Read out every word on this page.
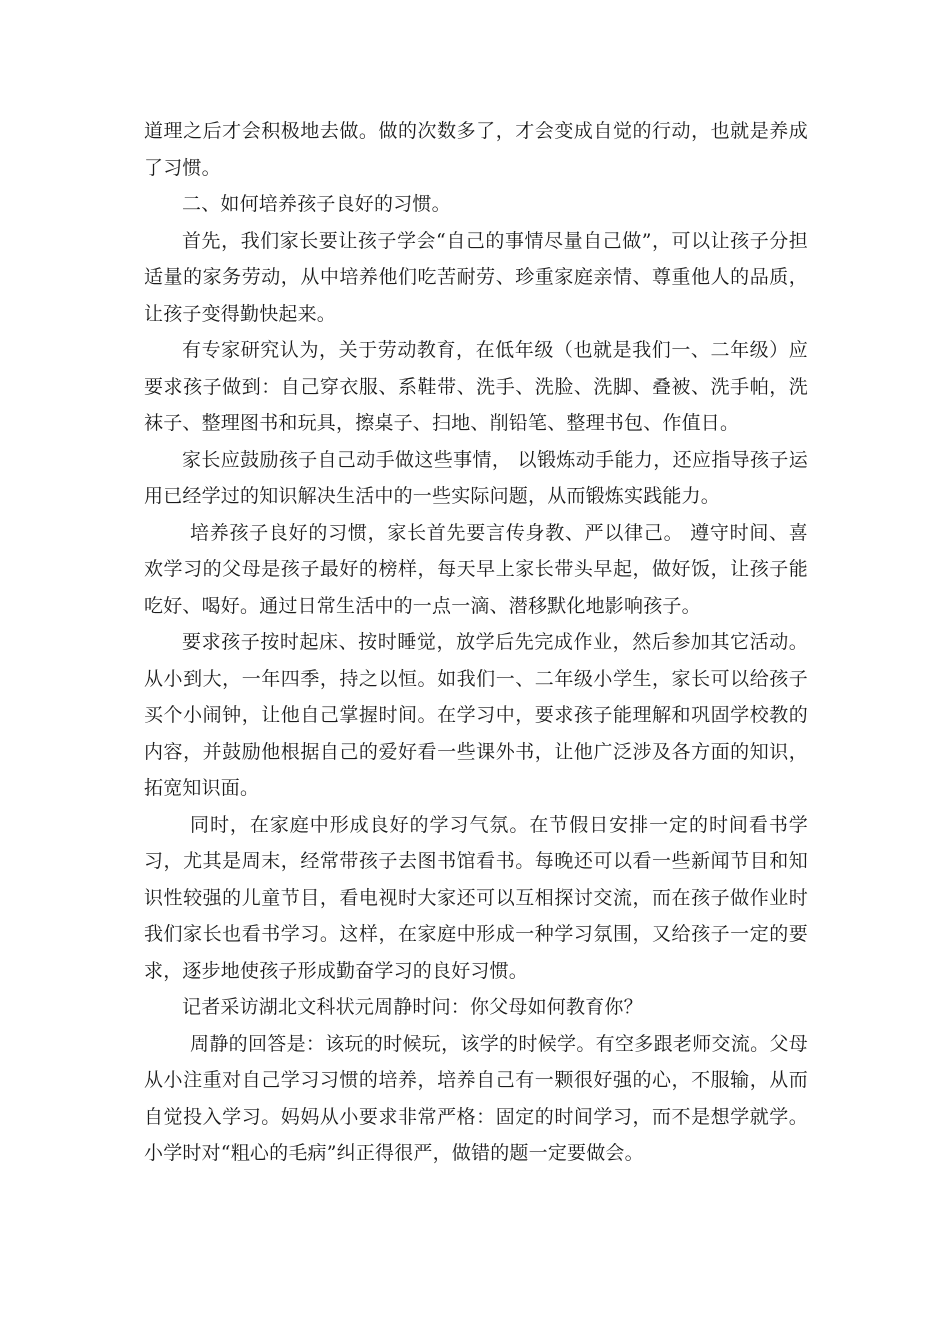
道理之后才会积极地去做。做的次数多了，才会变成自觉的行动，也就是养成了习惯。

二、如何培养孩子良好的习惯。

首先，我们家长要让孩子学会“自己的事情尽量自己做”，可以让孩子分担适量的家务劳动，从中培养他们吃苦耐劳、珍重家庭亲情、尊重他人的品质，让孩子变得勤快起来。

有专家研究认为，关于劳动教育，在低年级（也就是我们一、二年级）应要求孩子做到：自己穿衣服、系鞋带、洗手、洗脸、洗脚、叠被、洗手帕，洗袜子、整理图书和玩具，擦桌子、扫地、削铅笔、整理书包、作值日。

家长应鼓励孩子自己动手做这些事情， 以锻炼动手能力，还应指导孩子运用已经学过的知识解决生活中的一些实际问题，从而锻炼实践能力。

培养孩子良好的习惯，家长首先要言传身教、严以律己。 遵守时间、喜欢学习的父母是孩子最好的榜样，每天早上家长带头早起，做好饭，让孩子能吃好、喝好。通过日常生活中的一点一滴、潜移默化地影响孩子。

要求孩子按时起床、按时睡觉，放学后先完成作业，然后参加其它活动。从小到大，一年四季，持之以恒。如我们一、二年级小学生，家长可以给孩子买个小闹钟，让他自己掌握时间。在学习中，要求孩子能理解和巩固学校教的内容，并鼓励他根据自己的爱好看一些课外书，让他广泛涉及各方面的知识，拓宽知识面。

同时，在家庭中形成良好的学习气氛。在节假日安排一定的时间看书学习，尤其是周末，经常带孩子去图书馆看书。每晚还可以看一些新闻节目和知识性较强的儿童节目，看电视时大家还可以互相探讨交流，而在孩子做作业时我们家长也看书学习。这样，在家庭中形成一种学习氛围，又给孩子一定的要求，逐步地使孩子形成勤奋学习的良好习惯。

记者采访湖北文科状元周静时问：你父母如何教育你？

周静的回答是：该玩的时候玩，该学的时候学。有空多跟老师交流。父母从小注重对自己学习习惯的培养，培养自己有一颗很好强的心，不服输，从而自觉投入学习。妈妈从小要求非常严格：固定的时间学习，而不是想学就学。小学时对“粗心的毛病”纠正得很严，做错的题一定要做会。
